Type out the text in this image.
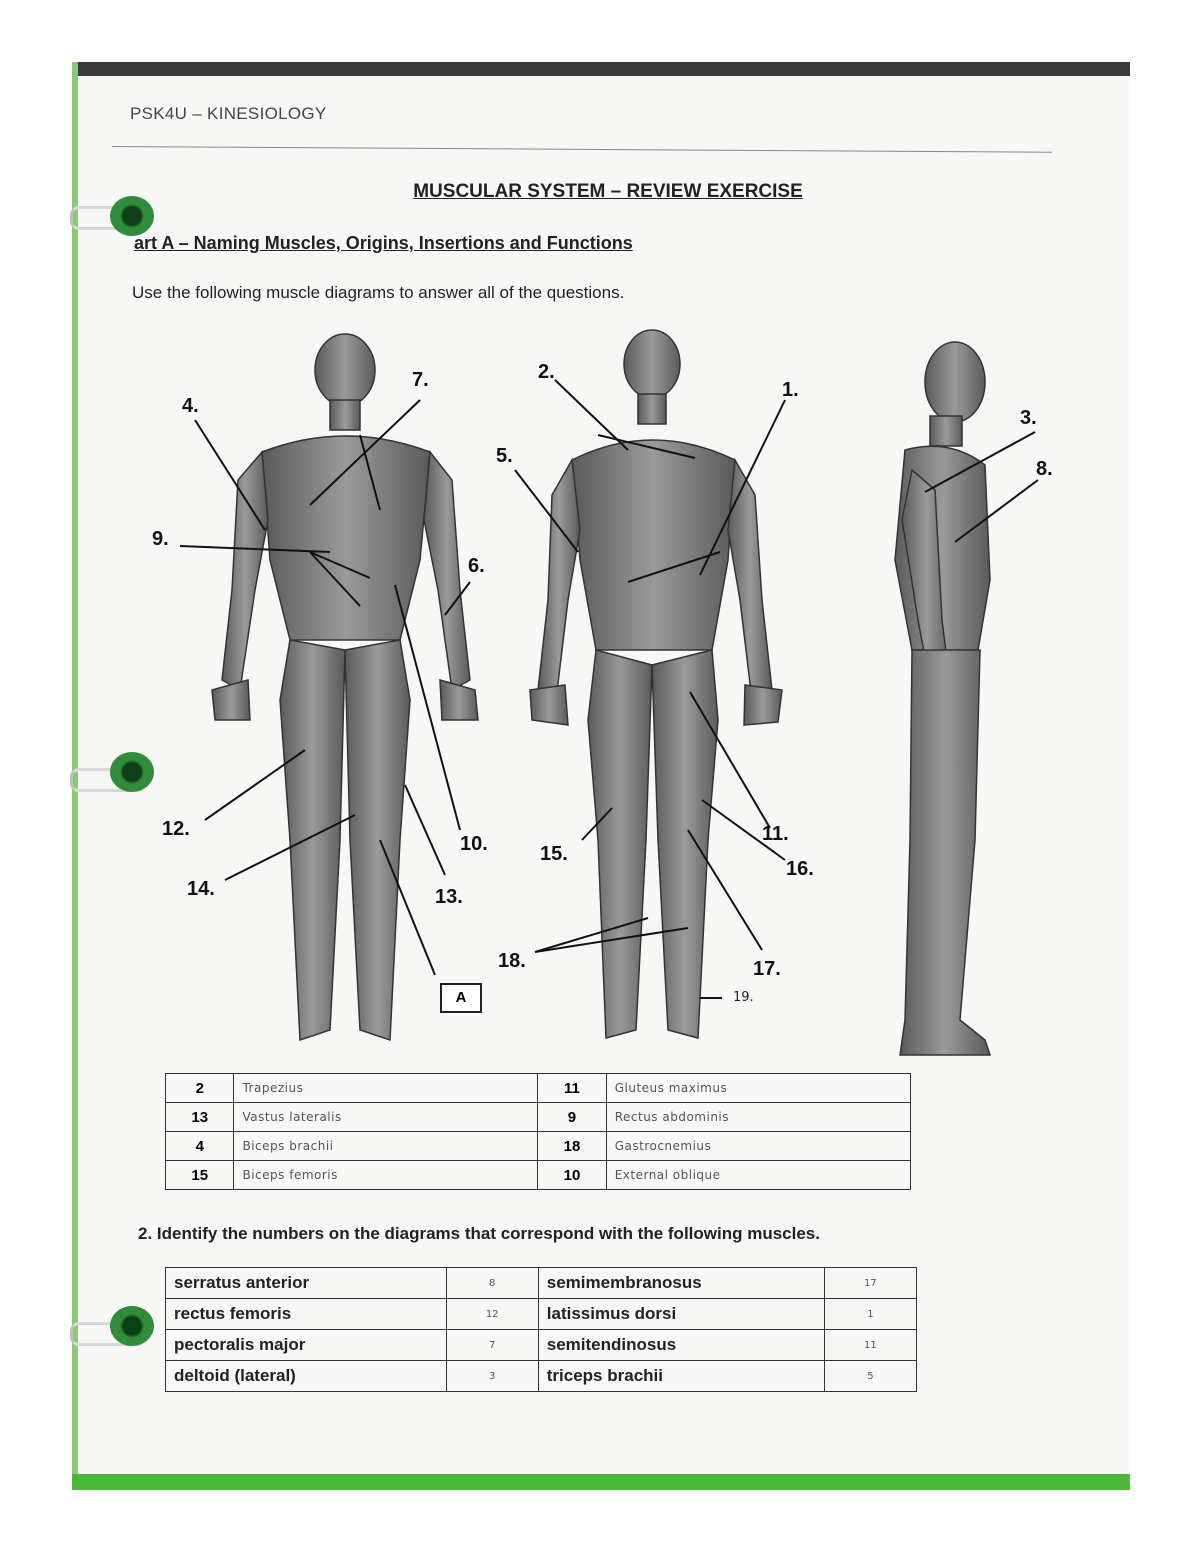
PSK4U – KINESIOLOGY
MUSCULAR SYSTEM – REVIEW EXERCISE
art A – Naming Muscles, Origins, Insertions and Functions
Use the following muscle diagrams to answer all of the questions.
1.
2.
3.
4.
5.
6.
7.
8.
9.
10.	11.
12.
13.
14.
15.
16.
17.
18.
A	19.
2	Trapezius	11	Gluteus maximus
13	Vastus lateralis	9	Rectus abdominis
4	Biceps brachii	18	Gastrocnemius
15	Biceps femoris	10	External oblique
2. Identify the numbers on the diagrams that correspond with the following muscles.
serratus anterior	8	semimembranosus	17
rectus femoris	12	latissimus dorsi	1
pectoralis major	7	semitendinosus	11
deltoid (lateral)	3	triceps brachii	5
